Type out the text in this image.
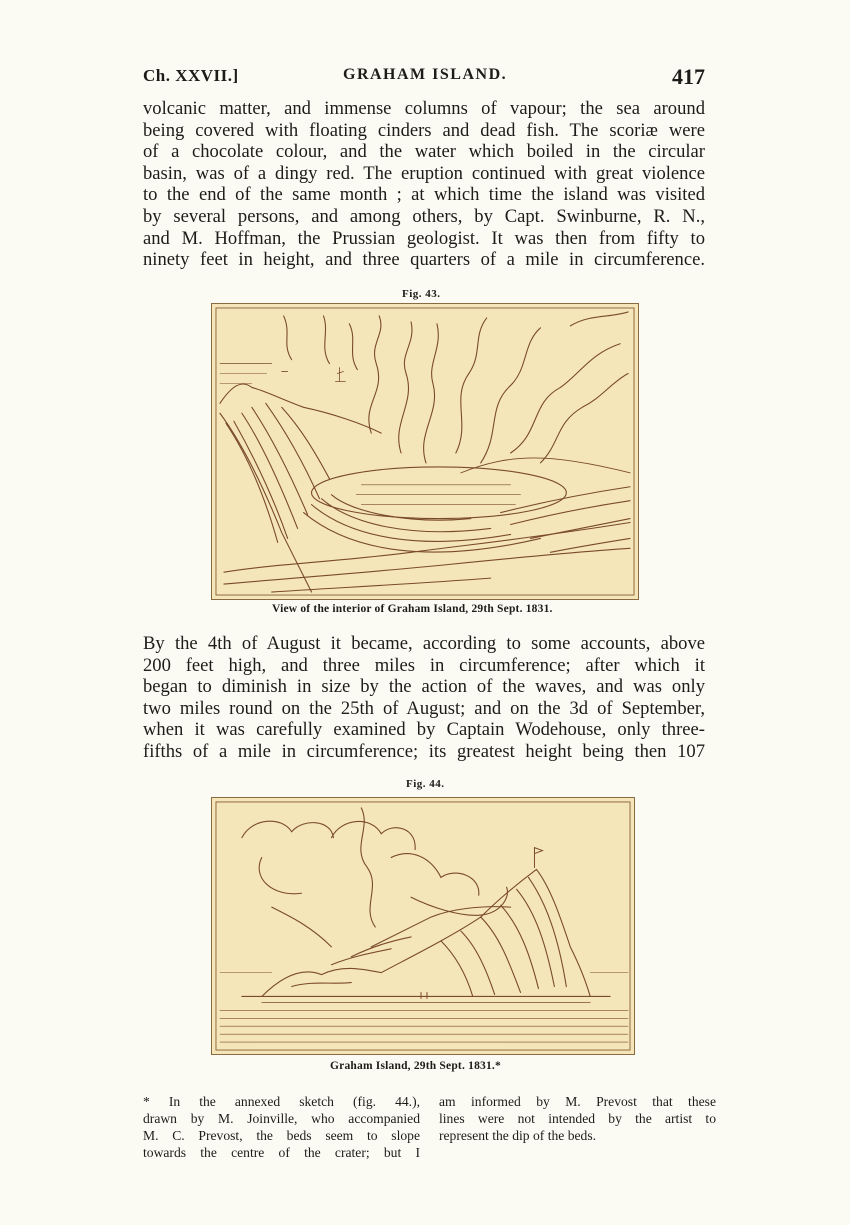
Ch. XXVII.]	GRAHAM ISLAND.	417
volcanic matter, and immense columns of vapour; the sea around
being covered with floating cinders and dead fish. The scoriæ were
of a chocolate colour, and the water which boiled in the circular
basin, was of a dingy red. The eruption continued with great violence
to the end of the same month ; at which time the island was visited
by several persons, and among others, by Capt. Swinburne, R. N.,
and M. Hoffman, the Prussian geologist. It was then from fifty to
ninety feet in height, and three quarters of a mile in circumference.
Fig. 43.
View of the interior of Graham Island, 29th Sept. 1831.
By the 4th of August it became, according to some accounts, above
200 feet high, and three miles in circumference; after which it
began to diminish in size by the action of the waves, and was only
two miles round on the 25th of August; and on the 3d of September,
when it was carefully examined by Captain Wodehouse, only three-
fifths of a mile in circumference; its greatest height being then 107
Fig. 44.
Graham Island, 29th Sept. 1831.*
* In the annexed sketch (fig. 44.),
drawn by M. Joinville, who accompanied
M. C. Prevost, the beds seem to slope
towards the centre of the crater; but I
am informed by M. Prevost that these
lines were not intended by the artist to
represent the dip of the beds.
